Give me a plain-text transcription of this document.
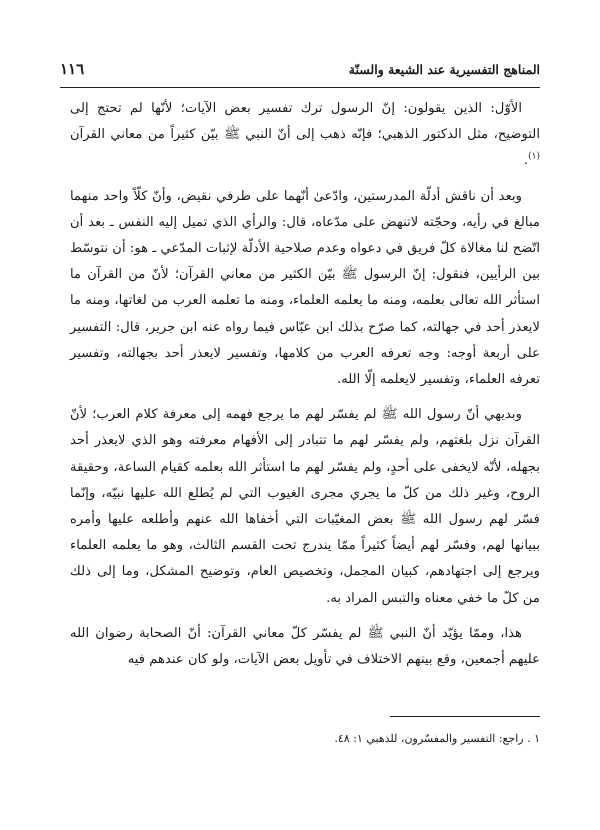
المناهج التفسيرية عند الشيعة والسنّة
١١٦

الأوّل: الذين يقولون: إنّ الرسول ترك تفسير بعض الآيات؛ لأنّها لم تحتج إلى التوضيح، مثل الدكتور الذهبي؛ فإنّه ذهب إلى أنّ النبي ﷺ بيّن كثيراً من معاني القرآن $^{(١)}$.

وبعد أن ناقش أدلّة المدرستين، وادّعىٰ أنّهما على طرفي نقيض، وأنّ كلّاً واحد منهما مبالغ في رأيه، وحجّته لاتنهض على مدّعاه، قال: والرأي الذي تميل إليه النفس ـ بعد أن اتّضح لنا مغالاة كلّ فريق في دعواه وعدم صلاحية الأدلّة لإثبات المدّعي ـ هو: أن نتوسّط بين الرأيين، فنقول: إنّ الرسول ﷺ بيّن الكثير من معاني القرآن؛ لأنّ من القرآن ما استأثر الله تعالى بعلمه، ومنه ما يعلمه العلماء، ومنه ما تعلمه العرب من لغاتها، ومنه ما لايعذر أحد في جهالته، كما صرّح بذلك ابن عبّاس فيما رواه عنه ابن جرير، قال: التفسير على أربعة أوجه: وجه تعرفه العرب من كلامها، وتفسير لايعذر أحد بجهالته، وتفسير تعرفه العلماء، وتفسير لايعلمه إلّا الله.

وبديهي أنّ رسول الله ﷺ لم يفسّر لهم ما يرجع فهمه إلى معرفة كلام العرب؛ لأنّ القرآن نزل بلغتهم، ولم يفسّر لهم ما تتبادر إلى الأفهام معرفته وهو الذي لايعذر أحد بجهله، لأنّه لايخفى على أحدٍ، ولم يفسّر لهم ما استأثر الله بعلمه كقيام الساعة، وحقيقة الروح، وغير ذلك من كلّ ما يجري مجرى الغيوب التي لم يُطلع الله عليها نبيّه، وإنّما فسّر لهم رسول الله ﷺ بعض المغيّبات التي أخفاها الله عنهم وأطلعه عليها وأمره ببيانها لهم، وفسّر لهم أيضاً كثيراً ممّا يندرج تحت القسم الثالث، وهو ما يعلمه العلماء ويرجع إلى اجتهادهم، كبيان المجمل، وتخصيص العام، وتوضيح المشكل، وما إلى ذلك من كلّ ما خفي معناه والتبس المراد به.

هذا، وممّا يؤيّد أنّ النبي ﷺ لم يفسّر كلّ معاني القرآن: أنّ الصحابة رضوان الله عليهم أجمعين، وقع بينهم الاختلاف في تأويل بعض الآيات، ولو كان عندهم فيه

١ . راجع: التفسير والمفسّرون، للذهبي ١: ٤٨.
